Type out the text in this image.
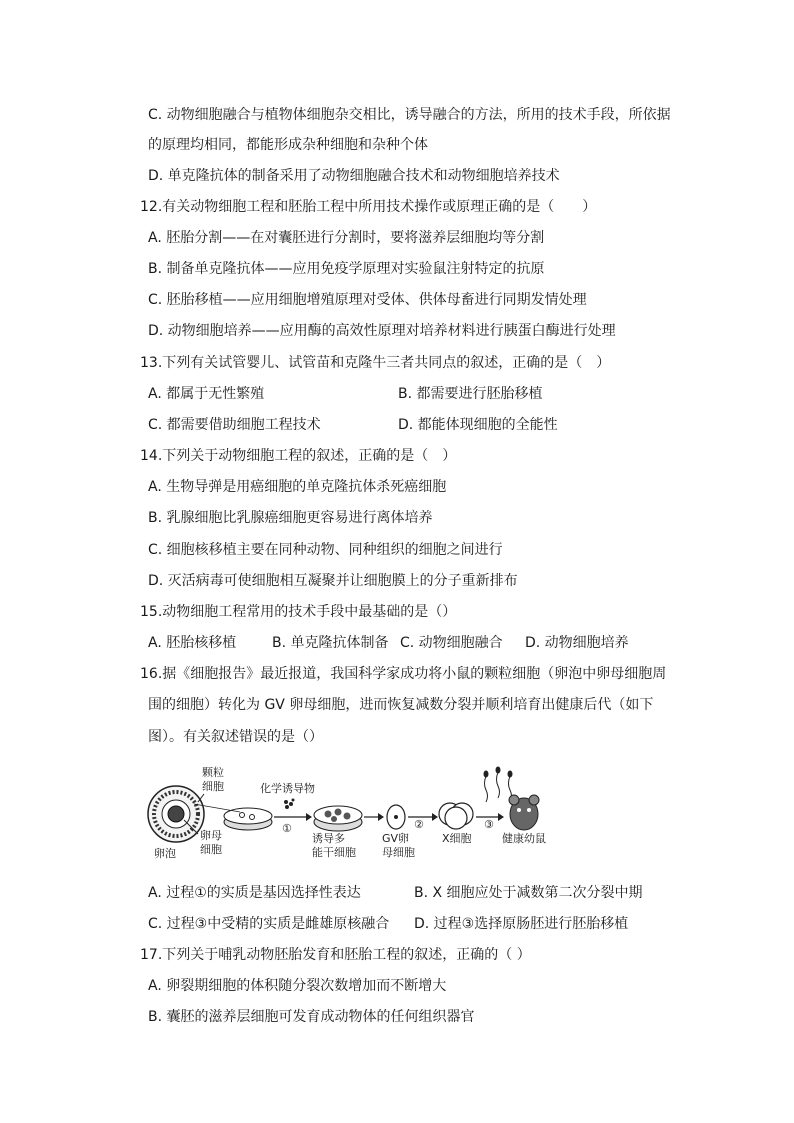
C. 动物细胞融合与植物体细胞杂交相比，诱导融合的方法，所用的技术手段，所依据
的原理均相同，都能形成杂种细胞和杂种个体
D. 单克隆抗体的制备采用了动物细胞融合技术和动物细胞培养技术
12.有关动物细胞工程和胚胎工程中所用技术操作或原理正确的是（　　）
A. 胚胎分割——在对囊胚进行分割时，要将滋养层细胞均等分割
B. 制备单克隆抗体——应用免疫学原理对实验鼠注射特定的抗原
C. 胚胎移植——应用细胞增殖原理对受体、供体母畜进行同期发情处理
D. 动物细胞培养——应用酶的高效性原理对培养材料进行胰蛋白酶进行处理
13.下列有关试管婴儿、试管苗和克隆牛三者共同点的叙述，正确的是（　）
A. 都属于无性繁殖	B. 都需要进行胚胎移植
C. 都需要借助细胞工程技术	D. 都能体现细胞的全能性
14.下列关于动物细胞工程的叙述，正确的是（　）
A. 生物导弹是用癌细胞的单克隆抗体杀死癌细胞
B. 乳腺细胞比乳腺癌细胞更容易进行离体培养
C. 细胞核移植主要在同种动物、同种组织的细胞之间进行
D. 灭活病毒可使细胞相互凝聚并让细胞膜上的分子重新排布
15.动物细胞工程常用的技术手段中最基础的是（）
A. 胚胎核移植	B. 单克隆抗体制备 C. 动物细胞融合 D. 动物细胞培养
16.据《细胞报告》最近报道，我国科学家成功将小鼠的颗粒细胞（卵泡中卵母细胞周
围的细胞）转化为 GV 卵母细胞，进而恢复减数分裂并顺利培育出健康后代（如下
图）。有关叙述错误的是（）
颗粒
细胞
卵泡
卵母
细胞
化学诱导物
①
诱导多
能干细胞
GV卵
母细胞
②
X细胞
③
健康幼鼠
A. 过程①的实质是基因选择性表达	B. X 细胞应处于减数第二次分裂中期
C. 过程③中受精的实质是雌雄原核融合 D. 过程③选择原肠胚进行胚胎移植
17.下列关于哺乳动物胚胎发育和胚胎工程的叙述，正确的（ ）
A. 卵裂期细胞的体积随分裂次数增加而不断增大
B. 囊胚的滋养层细胞可发育成动物体的任何组织器官
